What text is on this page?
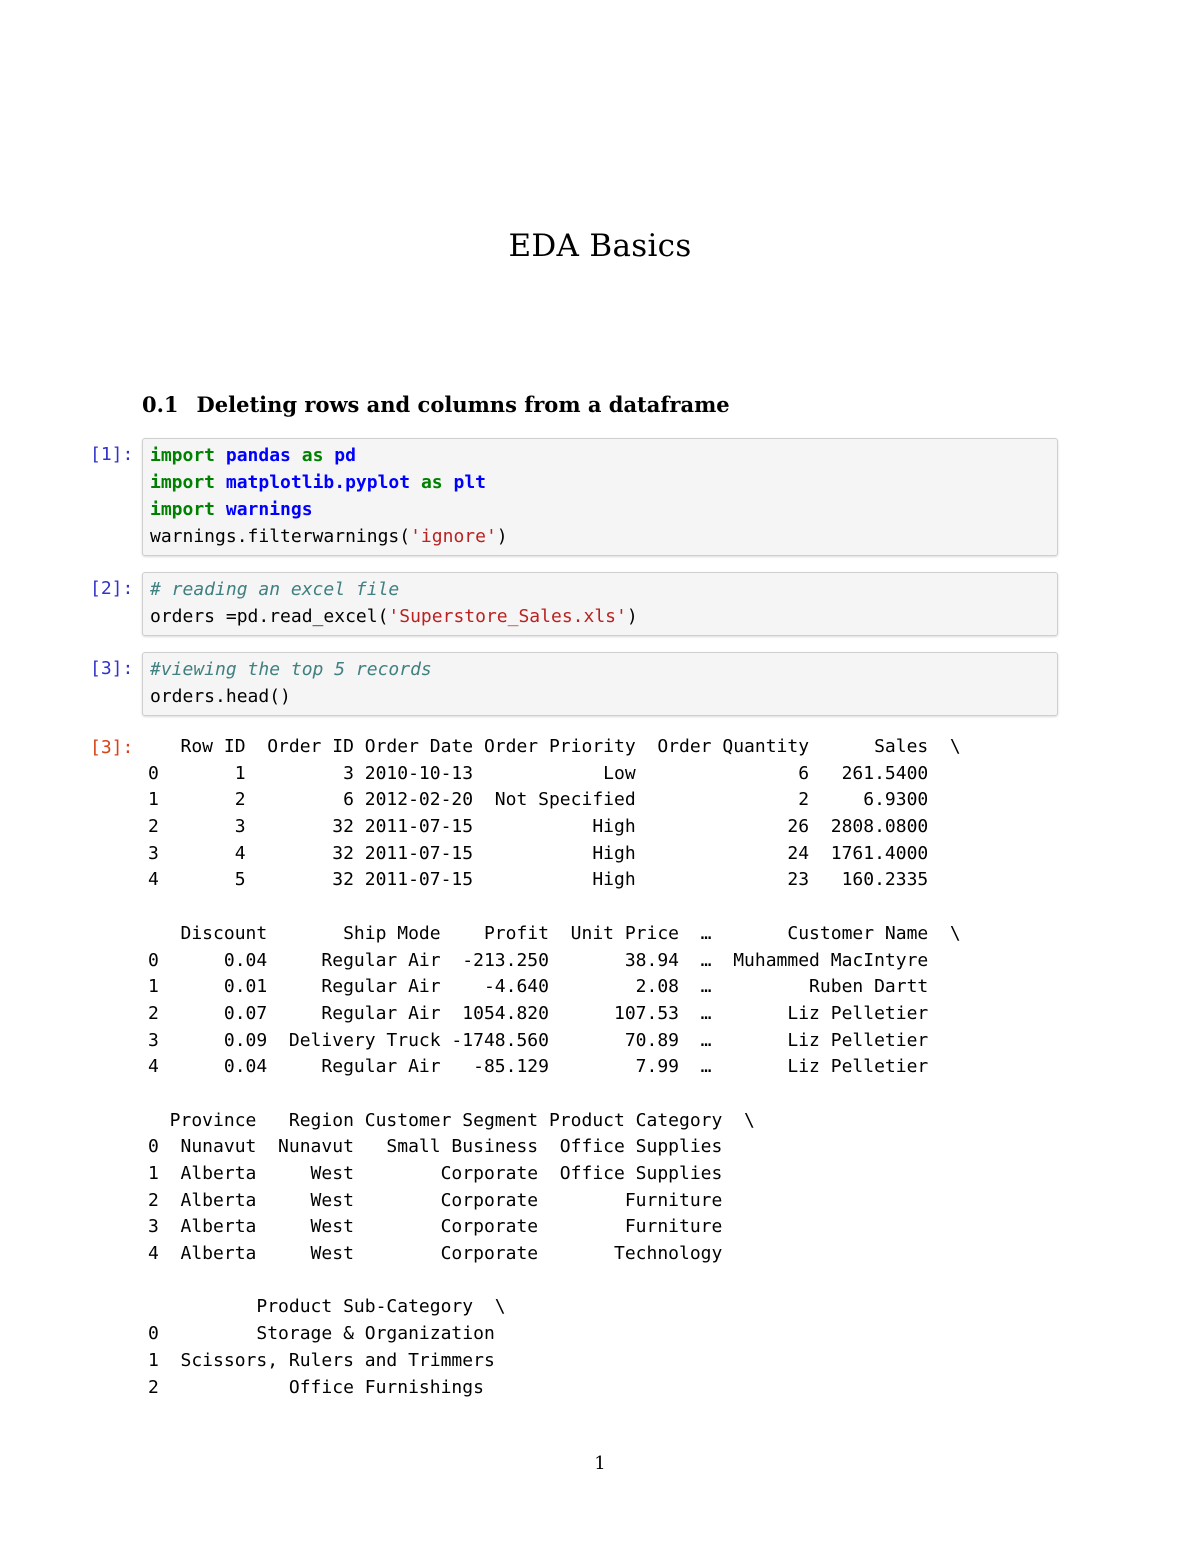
EDA Basics
0.1 Deleting rows and columns from a dataframe
[1]: import pandas as pd
import matplotlib.pyplot as plt
import warnings
warnings.filterwarnings('ignore')
[2]: # reading an excel file
orders =pd.read_excel('Superstore_Sales.xls')
[3]: #viewing the top 5 records
orders.head()
[3]: Row ID  Order ID Order Date Order Priority  Order Quantity      Sales  \
0       1         3 2010-10-13            Low               6   261.5400
1       2         6 2012-02-20  Not Specified               2     6.9300
2       3        32 2011-07-15           High              26  2808.0800
3       4        32 2011-07-15           High              24  1761.4000
4       5        32 2011-07-15           High              23   160.2335
Discount       Ship Mode    Profit  Unit Price  …       Customer Name  \
0      0.04     Regular Air  -213.250       38.94  …  Muhammed MacIntyre
1      0.01     Regular Air    -4.640        2.08  …         Ruben Dartt
2      0.07     Regular Air  1054.820      107.53  …       Liz Pelletier
3      0.09  Delivery Truck -1748.560       70.89  …       Liz Pelletier
4      0.04     Regular Air   -85.129        7.99  …       Liz Pelletier
Province   Region Customer Segment Product Category  \
0  Nunavut  Nunavut   Small Business  Office Supplies
1  Alberta     West        Corporate  Office Supplies
2  Alberta     West        Corporate        Furniture
3  Alberta     West        Corporate        Furniture
4  Alberta     West        Corporate       Technology
Product Sub-Category  \
0         Storage & Organization
1  Scissors, Rulers and Trimmers
2            Office Furnishings
1
